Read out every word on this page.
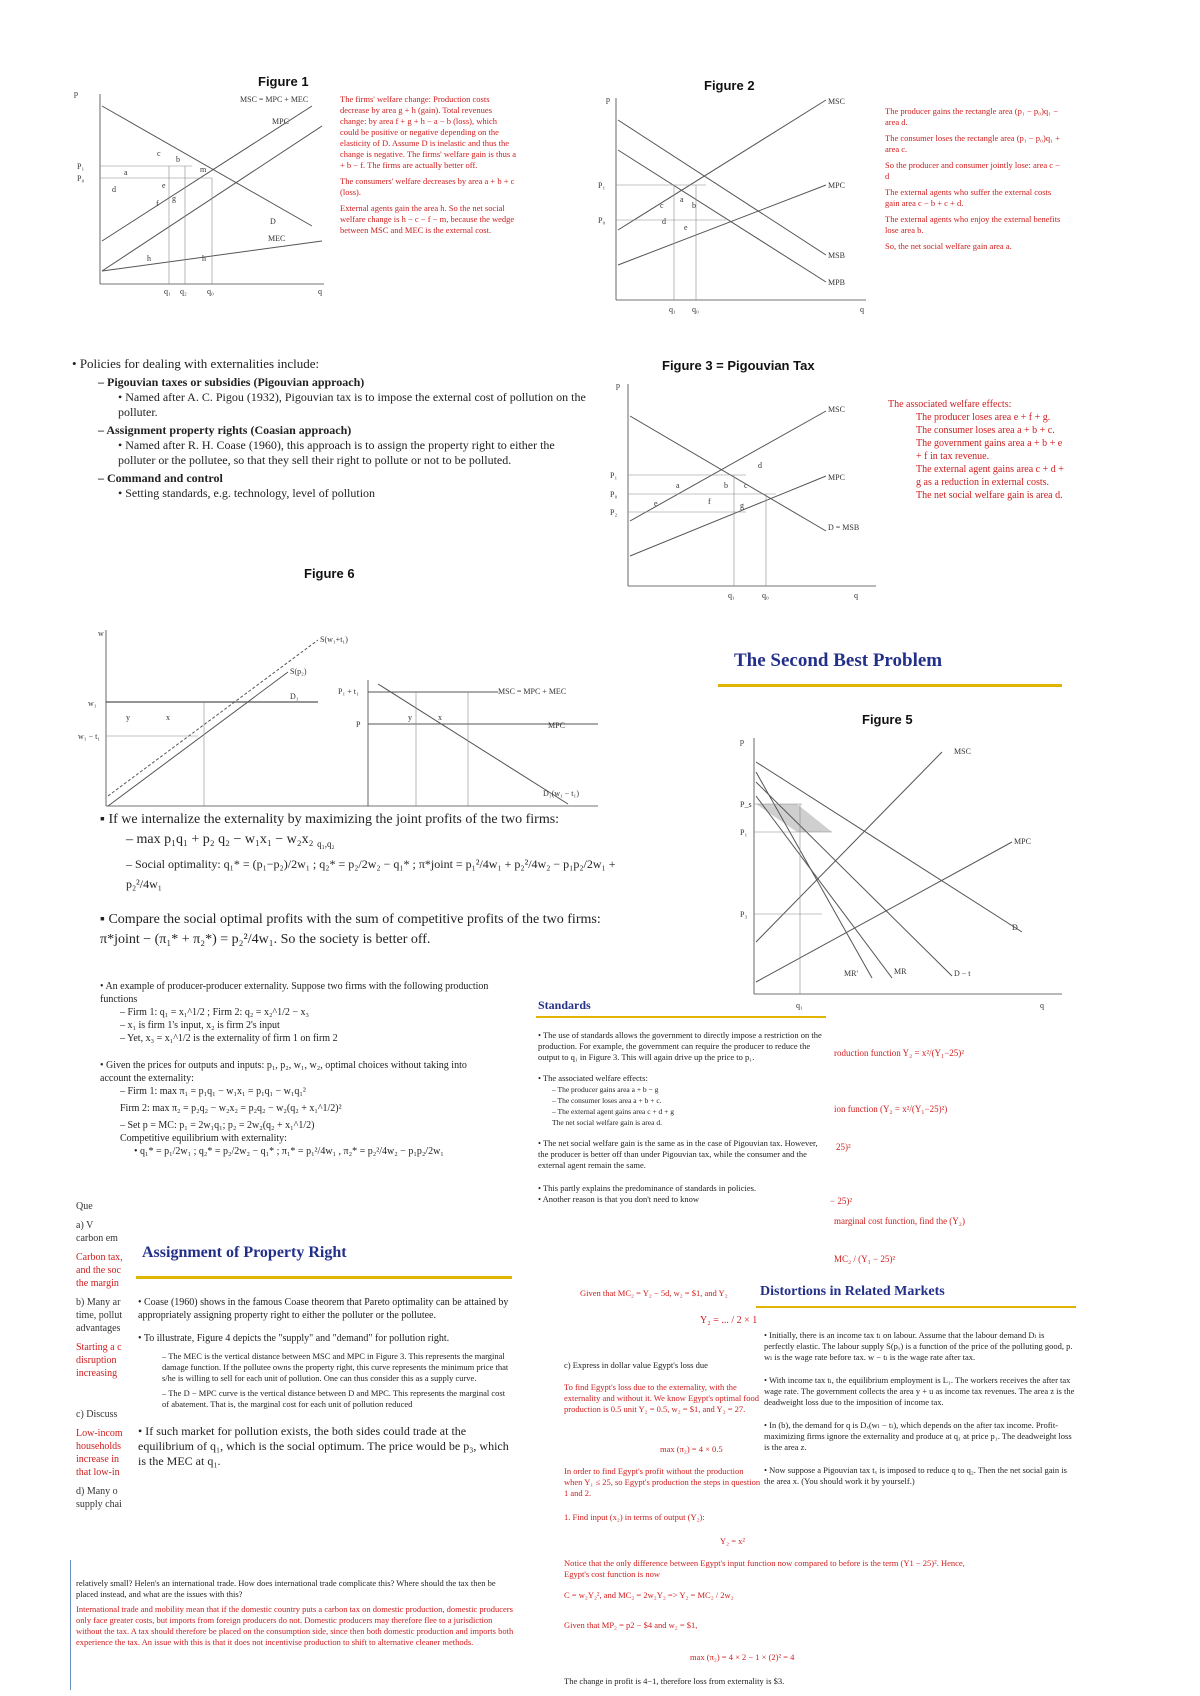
Figure 1
p
MSC = MPC + MEC
MPC
D
MEC
q
P₁
P₀
a
b
c
d	e
f
g
h
m
h
q₁ q₂	q₀

The firms' welfare change: Production costs decrease by area g + h (gain). Total revenues change: by area f + g + h − a − b (loss), which could be positive or negative depending on the elasticity of D. Assume D is inelastic and thus the change is negative. The firms' welfare gain is thus a + b − f. The firms are actually better off.

The consumers' welfare decreases by area a + b + c (loss).

External agents gain the area h. So the net social welfare change is h − c − f − m, because the wedge between MSC and MEC is the external cost.

Figure 2
p	MSC
MPC
MSB
MPB
P₁
P₀
a
b
c
d
e
q₁ q₀	q

The producer gains the rectangle area (p₁ − p₀)q₁ − area d.

The consumer loses the rectangle area (p₁ − p₀)q₁ + area c.

So the producer and consumer jointly lose: area c − d

The external agents who suffer the external costs gain area c − b + c + d.

The external agents who enjoy the external benefits lose area b.

So, the net social welfare gain area a.

• Policies for dealing with externalities include:
– Pigouvian taxes or subsidies (Pigouvian approach)
• Named after A. C. Pigou (1932), Pigouvian tax is to impose the external cost of pollution on the polluter.
– Assignment property rights (Coasian approach)
• Named after R. H. Coase (1960), this approach is to assign the property right to either the polluter or the pollutee, so that they sell their right to pollute or not to be polluted.
– Command and control
• Setting standards, e.g. technology, level of pollution
Figure 3 = Pigouvian Tax
p
MSC
MPC
D = MSB
P₁
P₀
P₂
a	b c
d
e	f	g
q₁	q₀	q
The associated welfare effects:
The producer loses area e + f + g.
The consumer loses area a + b + c.
The government gains area a + b + e + f in tax revenue.
The external agent gains area c + d + g as a reduction in external costs.
The net social welfare gain is area d.
Figure 6
w
w₁
w₁ − t₁
S(w₁+t₁)
S(p₂)
D₁
x
y
P₁ + t₁
P
MSC = MPC + MEC
MPC
D₁(w₁ − t₁)
x
y
The Second Best Problem
Figure 5
p
MSC
MPC
D
D − t
MR
MR'
P_s
P₁
P₃
q₁	q
▪ If we internalize the externality by maximizing the joint profits of the two firms:
– max p₁q₁ + p₂ q₂ − w₁x₁ − w₂x₂ $_{q_1,q_2}$
– Social optimality: q₁* = (p₁−p₂)/2w₁ ; q₂* = p₂/2w₂ − q₁* ; π*joint = p₁²/4w₁ + p₂²/4w₂ − p₁p₂/2w₁ + p₂²/4w₁
▪ Compare the social optimal profits with the sum of competitive profits of the two firms: π*joint − (π₁* + π₂*) = p₂²/4w₁. So the society is better off.
• An example of producer-producer externality. Suppose two firms with the following production functions
– Firm 1: q₁ = x₁^1/2 ; Firm 2: q₂ = x₂^1/2 − x₃
– x₁ is firm 1's input, x₂ is firm 2's input
– Yet, x₃ = x₁^1/2 is the externality of firm 1 on firm 2
• Given the prices for outputs and inputs: p₁, p₂, w₁, w₂, optimal choices without taking into account the externality:
– Firm 1: max π₁ = p₁q₁ − w₁x₁ = p₁q₁ − w₁q₁²
Firm 2: max π₂ = p₂q₂ − w₂x₂ = p₂q₂ − w₂(q₂ + x₁^1/2)²
– Set p = MC: p₁ = 2w₁q₁; p₂ = 2w₂(q₂ + x₁^1/2)
Competitive equilibrium with externality:
• q₁* = p₁/2w₁ ; q₂* = p₂/2w₂ − q₁* ; π₁* = p₁²/4w₁ , π₂* = p₂²/4w₂ − p₁p₂/2w₁
Que
a) V
carbon em
Carbon tax,
and the soc
the margin
b) Many ar
time, pollut
advantages
Starting a c
disruption
increasing
c) Discuss
Low-incom
households
increase in
that low-in
d) Many o
supply chai
relatively small? Helen's an international trade. How does international trade complicate this? Where should the tax then be placed instead, and what are the issues with this?
International trade and mobility mean that if the domestic country puts a carbon tax on domestic production, domestic producers only face greater costs, but imports from foreign producers do not. Domestic producers may therefore flee to a jurisdiction without the tax. A tax should therefore be placed on the consumption side, since then both domestic production and imports both experience the tax. An issue with this is that it does not incentivise production to shift to alternative cleaner methods.
Assignment of Property Right
• Coase (1960) shows in the famous Coase theorem that Pareto optimality can be attained by appropriately assigning property right to either the polluter or the pollutee.
• To illustrate, Figure 4 depicts the "supply" and "demand" for pollution right.
– The MEC is the vertical distance between MSC and MPC in Figure 3. This represents the marginal damage function. If the pollutee owns the property right, this curve represents the minimum price that s/he is willing to sell for each unit of pollution. One can thus consider this as a supply curve.
– The D − MPC curve is the vertical distance between D and MPC. This represents the marginal cost of abatement. That is, the marginal cost for each unit of pollution reduced
• If such market for pollution exists, the both sides could trade at the equilibrium of q₁, which is the social optimum. The price would be p₃, which is the MEC at q₁.
Standards
• The use of standards allows the government to directly impose a restriction on the production. For example, the government can require the producer to reduce the output to q₁ in Figure 3. This will again drive up the price to p₁.
• The associated welfare effects:
– The producer gains area a + b − g
– The consumer loses area a + b + c.
– The external agent gains area c + d + g
The net social welfare gain is area d.
• The net social welfare gain is the same as in the case of Pigouvian tax. However, the producer is better off than under Pigouvian tax, while the consumer and the external agent remain the same.
• This partly explains the predominance of standards in policies.
• Another reason is that you don't need to know
roduction function Y₂ = x²/(Y₁−25)²
ion function (Y₂ = x²/(Y₁−25)²)
25)²
− 25)²
marginal cost function, find the (Y₂)
MC₂ / (Y₁ − 25)²
Distortions in Related Markets
• Initially, there is an income tax tₗ on labour. Assume that the labour demand Dₗ is perfectly elastic. The labour supply S(pₓ) is a function of the price of the polluting good, p. wₗ is the wage rate before tax. w − tₗ is the wage rate after tax.
• With income tax tₗ, the equilibrium employment is L₁. The workers receives the after tax wage rate. The government collects the area y + u as income tax revenues. The area z is the deadweight loss due to the imposition of income tax.
• In (b), the demand for q is Dₓ(wₗ − tₗ), which depends on the after tax income. Profit-maximizing firms ignore the externality and produce at q₁ at price p₁. The deadweight loss is the area z.
• Now suppose a Pigouvian tax tₓ is imposed to reduce q to q₂. Then the net social gain is the area x. (You should work it by yourself.)
Given that MC₂ = Y₂ − 5d, w₂ = $1, and Y₂
Y₂ = ... / 2 × 1
c) Express in dollar value Egypt's loss due
To find Egypt's loss due to the externality, with the externality and without it. We know Egypt's optimal food production is 0.5 unit Y₂ = 0.5, w₂ = $1, and Y₂ = 27.
max (π₂) = 4 × 0.5
In order to find Egypt's profit without the production when Y₁ ≤ 25, so Egypt's production the steps in question 1 and 2.
1. Find input (x₂) in terms of output (Y₂):
Y₂ = x²
Notice that the only difference between Egypt's input function now compared to before is the term (Y1 − 25)². Hence, Egypt's cost function is now
C = w₂Y₂², and MC₂ = 2w₂Y₂ => Y₂ = MC₂ / 2w₂
Given that MP₂ = p2 − $4 and w₂ = $1,
max (π₂) = 4 × 2 − 1 × (2)² = 4
The change in profit is 4−1, therefore loss from externality is $3.
